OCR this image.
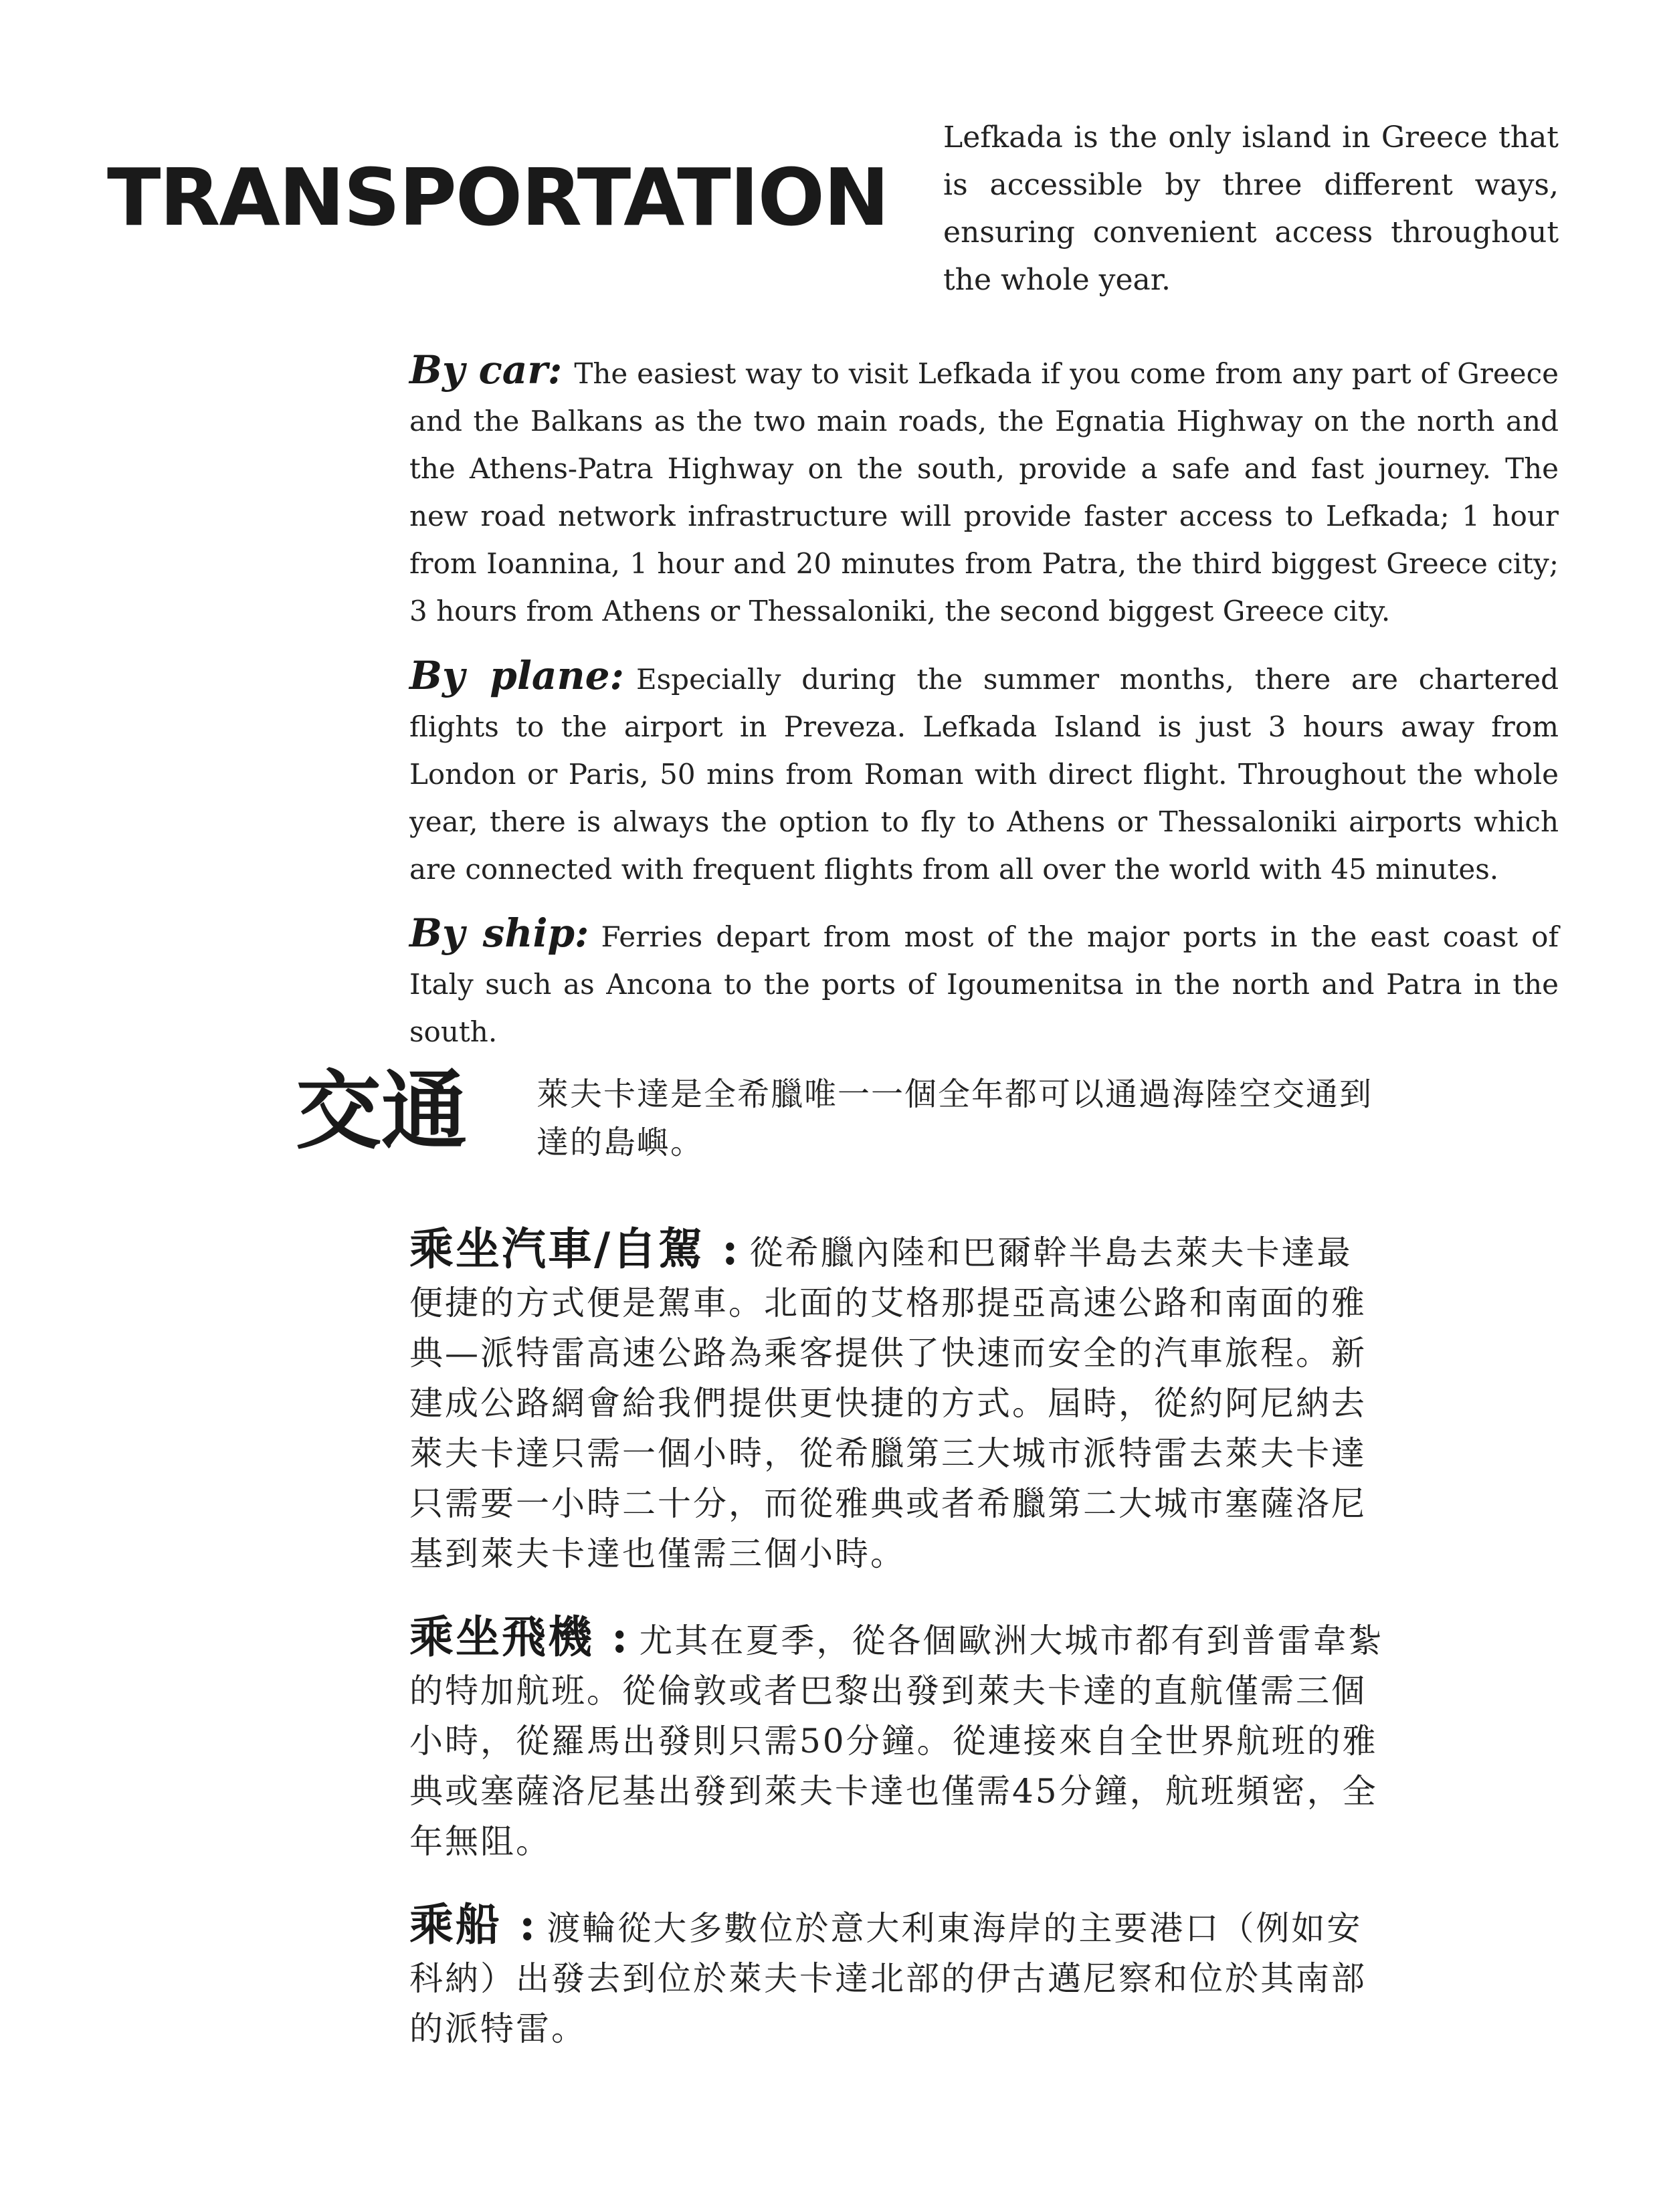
TRANSPORTATION

Lefkada is the only island in Greece that is accessible by three different ways, ensuring convenient access throughout the whole year.

By car: The easiest way to visit Lefkada if you come from any part of Greece and the Balkans as the two main roads, the Egnatia Highway on the north and the Athens-Patra Highway on the south, provide a safe and fast journey. The new road network infrastructure will provide faster access to Lefkada; 1 hour from Ioannina, 1 hour and 20 minutes from Patra, the third biggest Greece city; 3 hours from Athens or Thessaloniki, the second biggest Greece city.

By plane: Especially during the summer months, there are chartered flights to the airport in Preveza. Lefkada Island is just 3 hours away from London or Paris, 50 mins from Roman with direct flight. Throughout the whole year, there is always the option to fly to Athens or Thessaloniki airports which are connected with frequent flights from all over the world with 45 minutes.

By ship: Ferries depart from most of the major ports in the east coast of Italy such as Ancona to the ports of Igoumenitsa in the north and Patra in the south.

交通 萊夫卡達是全希臘唯一一個全年都可以通過海陸空交通到達的島嶼。

乘坐汽車/自駕 : 從希臘內陸和巴爾幹半島去萊夫卡達最便捷的方式便是駕車。北面的艾格那提亞高速公路和南面的雅典—派特雷高速公路為乘客提供了快速而安全的汽車旅程。新建成公路網會給我們提供更快捷的方式。屆時，從約阿尼納去萊夫卡達只需一個小時，從希臘第三大城市派特雷去萊夫卡達只需要一小時二十分，而從雅典或者希臘第二大城市塞薩洛尼基到萊夫卡達也僅需三個小時。

乘坐飛機 : 尤其在夏季，從各個歐洲大城市都有到普雷韋紮的特加航班。從倫敦或者巴黎出發到萊夫卡達的直航僅需三個小時，從羅馬出發則只需50分鐘。從連接來自全世界航班的雅典或塞薩洛尼基出發到萊夫卡達也僅需45分鐘，航班頻密，全年無阻。

乘船 : 渡輪從大多數位於意大利東海岸的主要港口（例如安科納）出發去到位於萊夫卡達北部的伊古邁尼察和位於其南部的派特雷。
